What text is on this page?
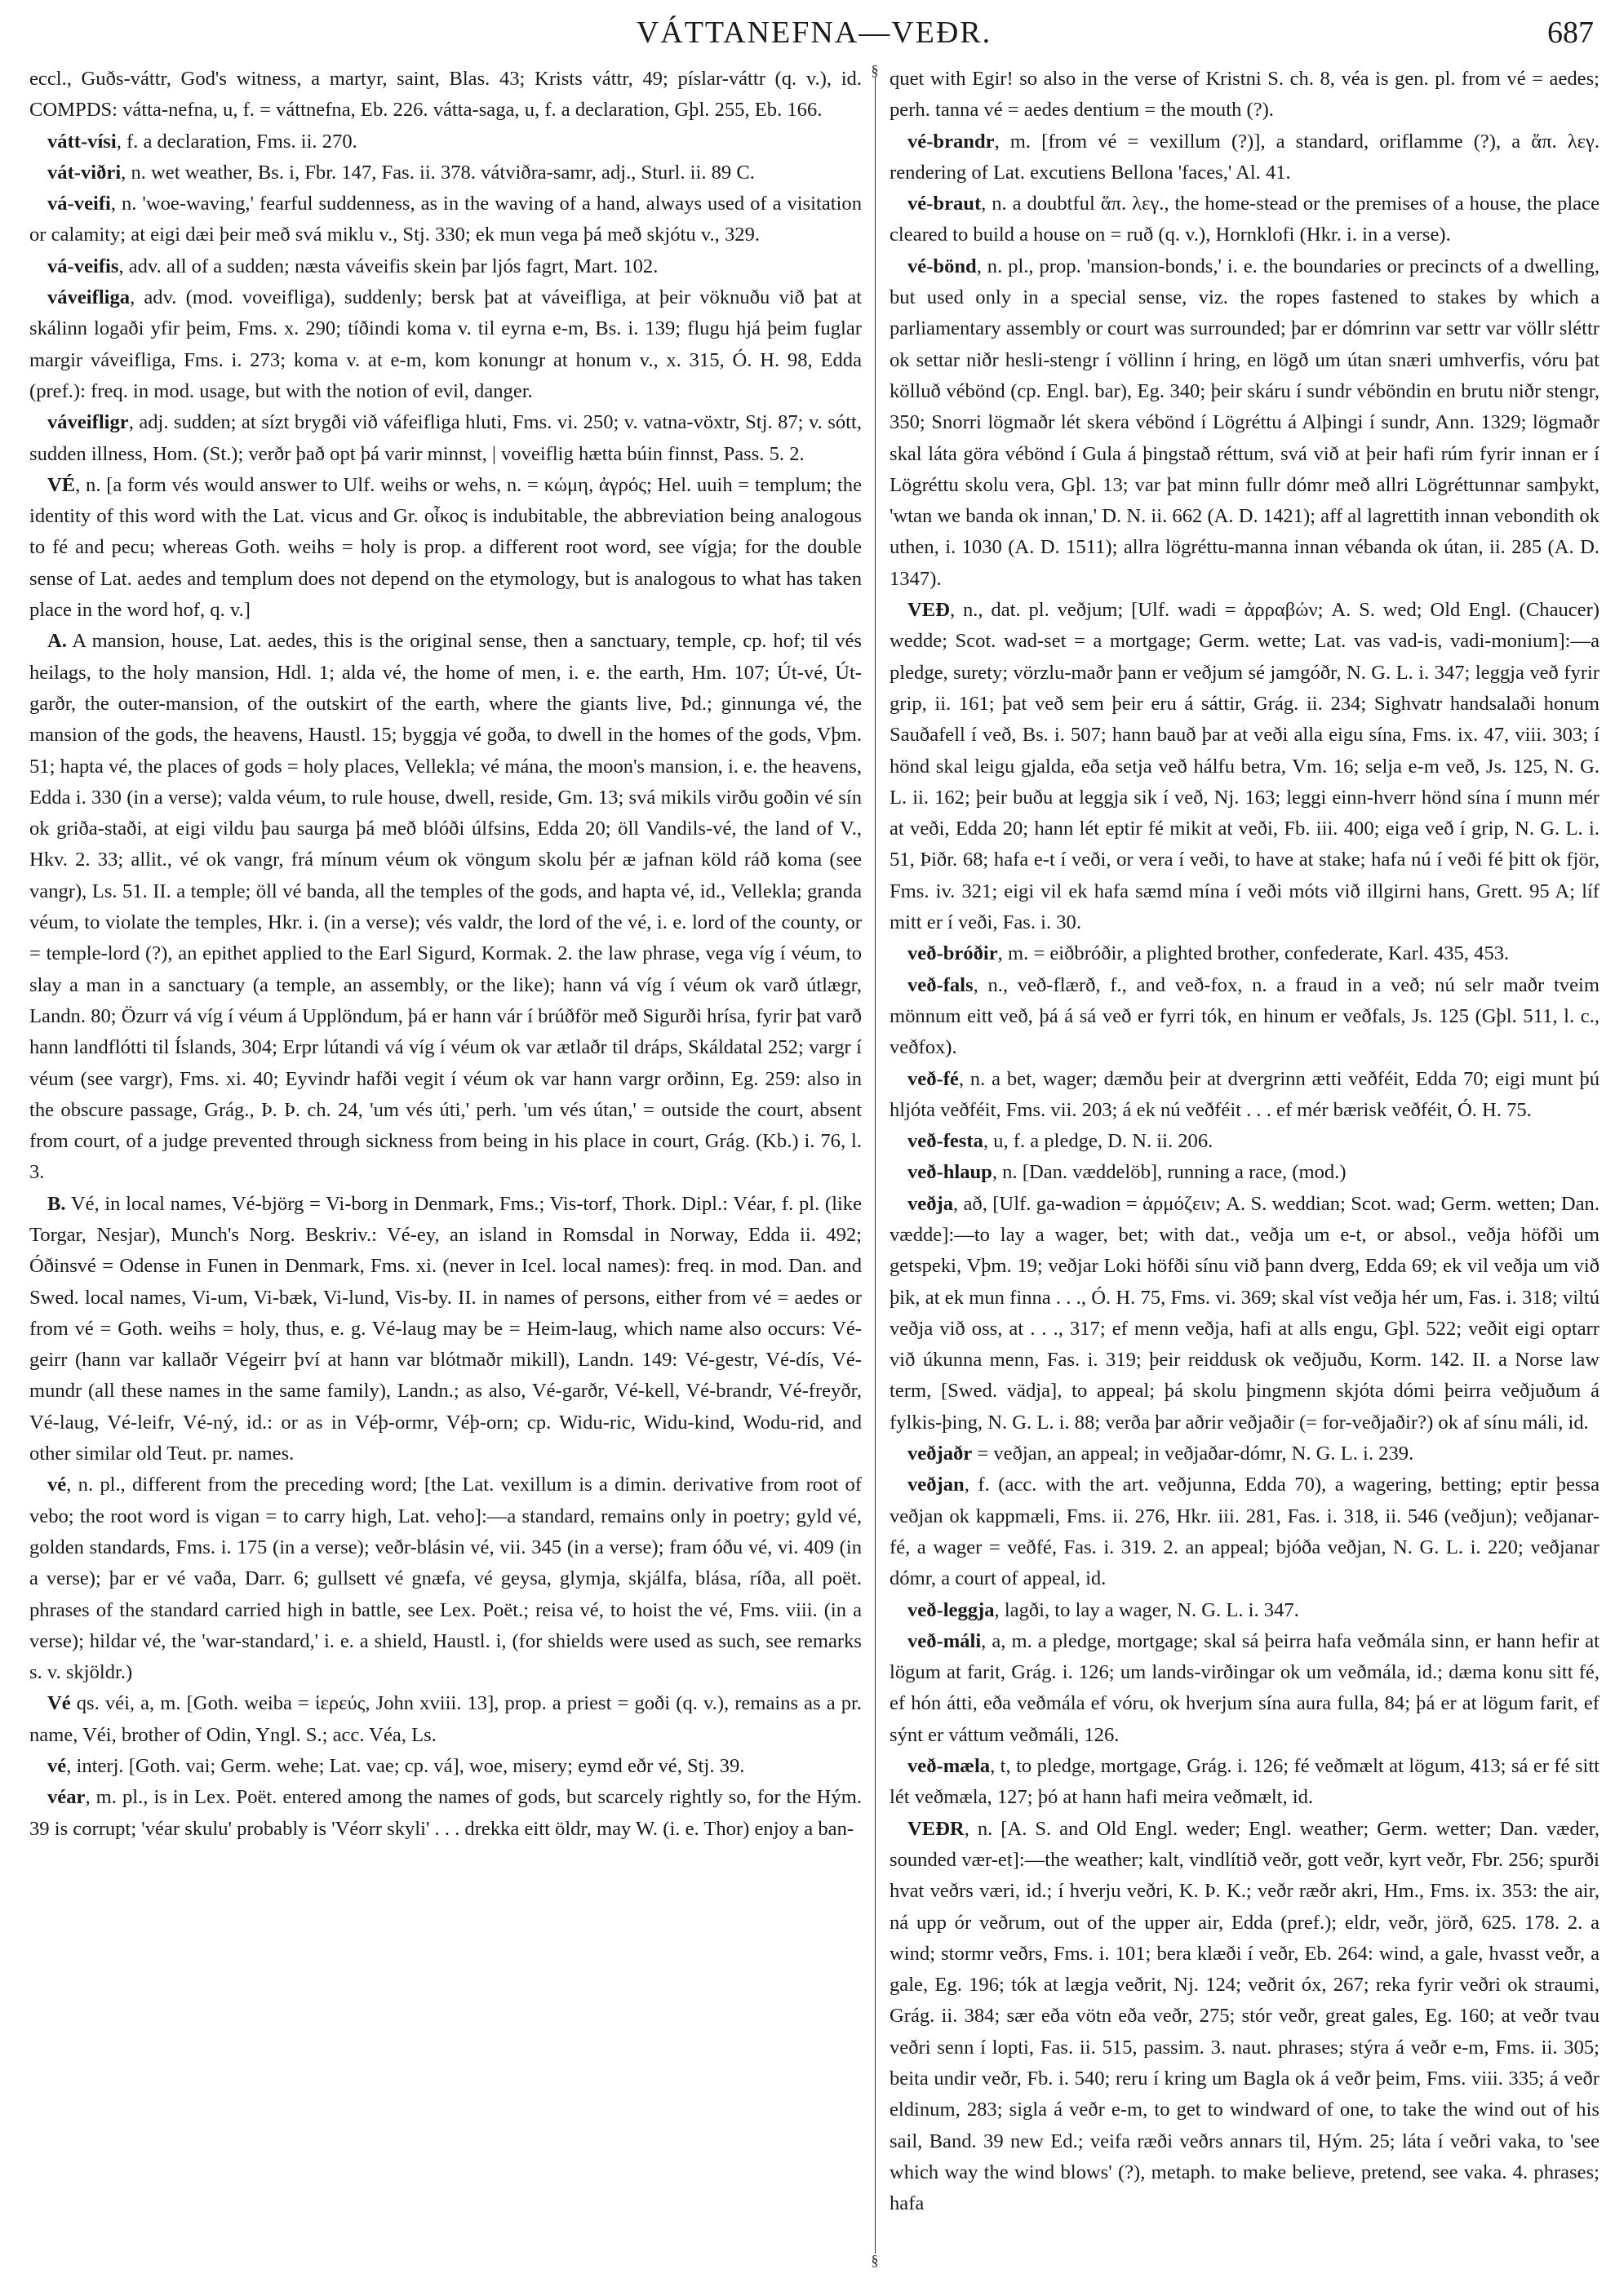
VÁTTANEFNA—VEÐR.	687

eccl., Guðs-váttr, God's witness, a martyr, saint, Blas. 43; Krists váttr, 49; píslar-váttr (q. v.), id. COMPDS: vátta-nefna, u, f. = váttnefna, Eb. 226. vátta-saga, u, f. a declaration, Gþl. 255, Eb. 166.

vátt-vísi, f. a declaration, Fms. ii. 270.

vát-viðri, n. wet weather, Bs. i, Fbr. 147, Fas. ii. 378. vátviðra-samr, adj., Sturl. ii. 89 C.

vá-veifi, n. 'woe-waving,' fearful suddenness, as in the waving of a hand, always used of a visitation or calamity; at eigi dæi þeir með svá miklu v., Stj. 330; ek mun vega þá með skjótu v., 329.

vá-veifis, adv. all of a sudden; næsta váveifis skein þar ljós fagrt, Mart. 102.

váveifliga, adv. (mod. voveifliga), suddenly; bersk þat at váveifliga, at þeir vöknuðu við þat at skálinn logaði yfir þeim, Fms. x. 290; tíðindi koma v. til eyrna e-m, Bs. i. 139; flugu hjá þeim fuglar margir váveifliga, Fms. i. 273; koma v. at e-m, kom konungr at honum v., x. 315, Ó. H. 98, Edda (pref.): freq. in mod. usage, but with the notion of evil, danger.

váveifligr, adj. sudden; at sízt brygði við váfeifliga hluti, Fms. vi. 250; v. vatna-vöxtr, Stj. 87; v. sótt, sudden illness, Hom. (St.); verðr það opt þá varir minnst, | voveiflig hætta búin finnst, Pass. 5. 2.

VÉ, n. [a form vés would answer to Ulf. weihs or wehs, n. = κώμη, ἀγρός; Hel. uuih = templum; the identity of this word with the Lat. vicus and Gr. οἶκος is indubitable, the abbreviation being analogous to fé and pecu; whereas Goth. weihs = holy is prop. a different root word, see vígja; for the double sense of Lat. aedes and templum does not depend on the etymology, but is analogous to what has taken place in the word hof, q. v.]

A. A mansion, house, Lat. aedes, this is the original sense, then a sanctuary, temple, cp. hof; til vés heilags, to the holy mansion, Hdl. 1; alda vé, the home of men, i. e. the earth, Hm. 107; Út-vé, Út-garðr, the outer-mansion, of the outskirt of the earth, where the giants live, Þd.; ginnunga vé, the mansion of the gods, the heavens, Haustl. 15; byggja vé goða, to dwell in the homes of the gods, Vþm. 51; hapta vé, the places of gods = holy places, Vellekla; vé mána, the moon's mansion, i. e. the heavens, Edda i. 330 (in a verse); valda véum, to rule house, dwell, reside, Gm. 13; svá mikils virðu goðin vé sín ok griða-staði, at eigi vildu þau saurga þá með blóði úlfsins, Edda 20; öll Vandils-vé, the land of V., Hkv. 2. 33; allit., vé ok vangr, frá mínum véum ok vöngum skolu þér æ jafnan köld ráð koma (see vangr), Ls. 51. II. a temple; öll vé banda, all the temples of the gods, and hapta vé, id., Vellekla; granda véum, to violate the temples, Hkr. i. (in a verse); vés valdr, the lord of the vé, i. e. lord of the county, or = temple-lord (?), an epithet applied to the Earl Sigurd, Kormak. 2. the law phrase, vega víg í véum, to slay a man in a sanctuary (a temple, an assembly, or the like); hann vá víg í véum ok varð útlægr, Landn. 80; Özurr vá víg í véum á Upplöndum, þá er hann vár í brúðför með Sigurði hrísa, fyrir þat varð hann landflótti til Íslands, 304; Erpr lútandi vá víg í véum ok var ætlaðr til dráps, Skáldatal 252; vargr í véum (see vargr), Fms. xi. 40; Eyvindr hafði vegit í véum ok var hann vargr orðinn, Eg. 259: also in the obscure passage, Grág., Þ. Þ. ch. 24, 'um vés úti,' perh. 'um vés útan,' = outside the court, absent from court, of a judge prevented through sickness from being in his place in court, Grág. (Kb.) i. 76, l. 3.

B. Vé, in local names, Vé-björg = Vi-borg in Denmark, Fms.; Vis-torf, Thork. Dipl.: Véar, f. pl. (like Torgar, Nesjar), Munch's Norg. Beskriv.: Vé-ey, an island in Romsdal in Norway, Edda ii. 492; Óðinsvé = Odense in Funen in Denmark, Fms. xi. (never in Icel. local names): freq. in mod. Dan. and Swed. local names, Vi-um, Vi-bæk, Vi-lund, Vis-by. II. in names of persons, either from vé = aedes or from vé = Goth. weihs = holy, thus, e. g. Vé-laug may be = Heim-laug, which name also occurs: Vé-geirr (hann var kallaðr Végeirr því at hann var blótmaðr mikill), Landn. 149: Vé-gestr, Vé-dís, Vé-mundr (all these names in the same family), Landn.; as also, Vé-garðr, Vé-kell, Vé-brandr, Vé-freyðr, Vé-laug, Vé-leifr, Vé-ný, id.: or as in Véþ-ormr, Véþ-orn; cp. Widu-ric, Widu-kind, Wodu-rid, and other similar old Teut. pr. names.

vé, n. pl., different from the preceding word; [the Lat. vexillum is a dimin. derivative from root of vebo; the root word is vigan = to carry high, Lat. veho]:—a standard, remains only in poetry; gyld vé, golden standards, Fms. i. 175 (in a verse); veðr-blásin vé, vii. 345 (in a verse); fram óðu vé, vi. 409 (in a verse); þar er vé vaða, Darr. 6; gullsett vé gnæfa, vé geysa, glymja, skjálfa, blása, ríða, all poët. phrases of the standard carried high in battle, see Lex. Poët.; reisa vé, to hoist the vé, Fms. viii. (in a verse); hildar vé, the 'war-standard,' i. e. a shield, Haustl. i, (for shields were used as such, see remarks s. v. skjöldr.)

Vé qs. véi, a, m. [Goth. weiba = ἱερεύς, John xviii. 13], prop. a priest = goði (q. v.), remains as a pr. name, Véi, brother of Odin, Yngl. S.; acc. Véa, Ls.

vé, interj. [Goth. vai; Germ. wehe; Lat. vae; cp. vá], woe, misery; eymd eðr vé, Stj. 39.

véar, m. pl., is in Lex. Poët. entered among the names of gods, but scarcely rightly so, for the Hým. 39 is corrupt; 'véar skulu' probably is 'Véorr skyli' . . . drekka eitt öldr, may W. (i. e. Thor) enjoy a ban-

§
§

quet with Egir! so also in the verse of Kristni S. ch. 8, véa is gen. pl. from vé = aedes; perh. tanna vé = aedes dentium = the mouth (?).

vé-brandr, m. [from vé = vexillum (?)], a standard, oriflamme (?), a ἅπ. λεγ. rendering of Lat. excutiens Bellona 'faces,' Al. 41.

vé-braut, n. a doubtful ἅπ. λεγ., the home-stead or the premises of a house, the place cleared to build a house on = ruð (q. v.), Hornklofi (Hkr. i. in a verse).

vé-bönd, n. pl., prop. 'mansion-bonds,' i. e. the boundaries or precincts of a dwelling, but used only in a special sense, viz. the ropes fastened to stakes by which a parliamentary assembly or court was surrounded; þar er dómrinn var settr var völlr sléttr ok settar niðr hesli-stengr í völlinn í hring, en lögð um útan snæri umhverfis, vóru þat kölluð vébönd (cp. Engl. bar), Eg. 340; þeir skáru í sundr véböndin en brutu niðr stengr, 350; Snorri lögmaðr lét skera vébönd í Lögréttu á Alþingi í sundr, Ann. 1329; lögmaðr skal láta göra vébönd í Gula á þingstað réttum, svá við at þeir hafi rúm fyrir innan er í Lögréttu skolu vera, Gþl. 13; var þat minn fullr dómr með allri Lögréttunnar samþykt, 'wtan we banda ok innan,' D. N. ii. 662 (A. D. 1421); aff al lagrettith innan vebondith ok uthen, i. 1030 (A. D. 1511); allra lögréttu-manna innan vébanda ok útan, ii. 285 (A. D. 1347).

VEÐ, n., dat. pl. veðjum; [Ulf. wadi = ἀρραβών; A. S. wed; Old Engl. (Chaucer) wedde; Scot. wad-set = a mortgage; Germ. wette; Lat. vas vad-is, vadi-monium]:—a pledge, surety; vörzlu-maðr þann er veðjum sé jamgóðr, N. G. L. i. 347; leggja veð fyrir grip, ii. 161; þat veð sem þeir eru á sáttir, Grág. ii. 234; Sighvatr handsalaði honum Sauðafell í veð, Bs. i. 507; hann bauð þar at veði alla eigu sína, Fms. ix. 47, viii. 303; í hönd skal leigu gjalda, eða setja veð hálfu betra, Vm. 16; selja e-m veð, Js. 125, N. G. L. ii. 162; þeir buðu at leggja sik í veð, Nj. 163; leggi einn-hverr hönd sína í munn mér at veði, Edda 20; hann lét eptir fé mikit at veði, Fb. iii. 400; eiga veð í grip, N. G. L. i. 51, Þiðr. 68; hafa e-t í veði, or vera í veði, to have at stake; hafa nú í veði fé þitt ok fjör, Fms. iv. 321; eigi vil ek hafa sæmd mína í veði móts við illgirni hans, Grett. 95 A; líf mitt er í veði, Fas. i. 30.

veð-bróðir, m. = eiðbróðir, a plighted brother, confederate, Karl. 435, 453.

veð-fals, n., veð-flærð, f., and veð-fox, n. a fraud in a veð; nú selr maðr tveim mönnum eitt veð, þá á sá veð er fyrri tók, en hinum er veðfals, Js. 125 (Gþl. 511, l. c., veðfox).

veð-fé, n. a bet, wager; dæmðu þeir at dvergrinn ætti veðféit, Edda 70; eigi munt þú hljóta veðféit, Fms. vii. 203; á ek nú veðféit . . . ef mér bærisk veðféit, Ó. H. 75.

veð-festa, u, f. a pledge, D. N. ii. 206.

veð-hlaup, n. [Dan. væddelöb], running a race, (mod.)

veðja, að, [Ulf. ga-wadion = ἁρμόζειν; A. S. weddian; Scot. wad; Germ. wetten; Dan. vædde]:—to lay a wager, bet; with dat., veðja um e-t, or absol., veðja höfði um getspeki, Vþm. 19; veðjar Loki höfði sínu við þann dverg, Edda 69; ek vil veðja um við þik, at ek mun finna . . ., Ó. H. 75, Fms. vi. 369; skal víst veðja hér um, Fas. i. 318; viltú veðja við oss, at . . ., 317; ef menn veðja, hafi at alls engu, Gþl. 522; veðit eigi optarr við úkunna menn, Fas. i. 319; þeir reiddusk ok veðjuðu, Korm. 142. II. a Norse law term, [Swed. vädja], to appeal; þá skolu þingmenn skjóta dómi þeirra veðjuðum á fylkis-þing, N. G. L. i. 88; verða þar aðrir veðjaðir (= for-veðjaðir?) ok af sínu máli, id.

veðjaðr = veðjan, an appeal; in veðjaðar-dómr, N. G. L. i. 239.

veðjan, f. (acc. with the art. veðjunna, Edda 70), a wagering, betting; eptir þessa veðjan ok kappmæli, Fms. ii. 276, Hkr. iii. 281, Fas. i. 318, ii. 546 (veðjun); veðjanar-fé, a wager = veðfé, Fas. i. 319. 2. an appeal; bjóða veðjan, N. G. L. i. 220; veðjanar dómr, a court of appeal, id.

veð-leggja, lagði, to lay a wager, N. G. L. i. 347.

veð-máli, a, m. a pledge, mortgage; skal sá þeirra hafa veðmála sinn, er hann hefir at lögum at farit, Grág. i. 126; um lands-virðingar ok um veðmála, id.; dæma konu sitt fé, ef hón átti, eða veðmála ef vóru, ok hverjum sína aura fulla, 84; þá er at lögum farit, ef sýnt er váttum veðmáli, 126.

veð-mæla, t, to pledge, mortgage, Grág. i. 126; fé veðmælt at lögum, 413; sá er fé sitt lét veðmæla, 127; þó at hann hafi meira veðmælt, id.

VEÐR, n. [A. S. and Old Engl. weder; Engl. weather; Germ. wetter; Dan. væder, sounded vær-et]:—the weather; kalt, vindlítið veðr, gott veðr, kyrt veðr, Fbr. 256; spurði hvat veðrs væri, id.; í hverju veðri, K. Þ. K.; veðr ræðr akri, Hm., Fms. ix. 353: the air, ná upp ór veðrum, out of the upper air, Edda (pref.); eldr, veðr, jörð, 625. 178. 2. a wind; stormr veðrs, Fms. i. 101; bera klæði í veðr, Eb. 264: wind, a gale, hvasst veðr, a gale, Eg. 196; tók at lægja veðrit, Nj. 124; veðrit óx, 267; reka fyrir veðri ok straumi, Grág. ii. 384; sær eða vötn eða veðr, 275; stór veðr, great gales, Eg. 160; at veðr tvau veðri senn í lopti, Fas. ii. 515, passim. 3. naut. phrases; stýra á veðr e-m, Fms. ii. 305; beita undir veðr, Fb. i. 540; reru í kring um Bagla ok á veðr þeim, Fms. viii. 335; á veðr eldinum, 283; sigla á veðr e-m, to get to windward of one, to take the wind out of his sail, Band. 39 new Ed.; veifa ræði veðrs annars til, Hým. 25; láta í veðri vaka, to 'see which way the wind blows' (?), metaph. to make believe, pretend, see vaka. 4. phrases; hafa
